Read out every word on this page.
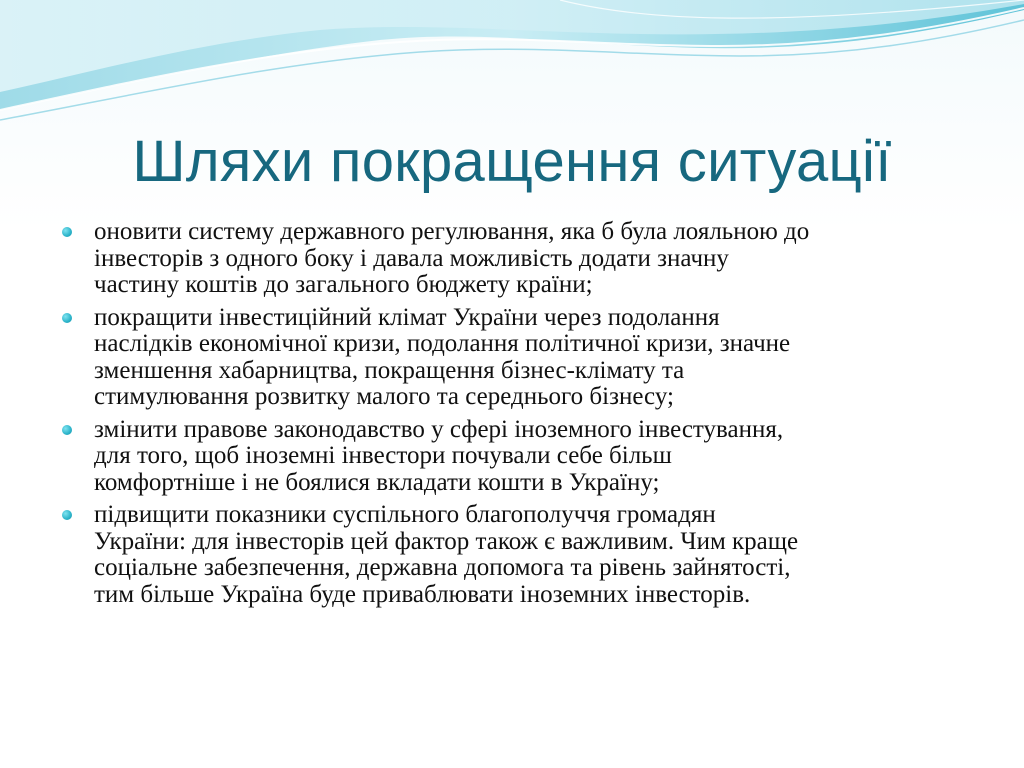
Шляхи покращення ситуації
оновити систему державного регулювання, яка б була лояльною до
інвесторів з одного боку і давала можливість додати значну
частину коштів до загального бюджету країни;
покращити інвестиційний клімат України через подолання
наслідків економічної кризи, подолання політичної кризи, значне
зменшення хабарництва, покращення бізнес-клімату та
стимулювання розвитку малого та середнього бізнесу;
змінити правове законодавство у сфері іноземного інвестування,
для того, щоб іноземні інвестори почували себе більш
комфортніше і не боялися вкладати кошти в Україну;
підвищити показники суспільного благополуччя громадян
України: для інвесторів цей фактор також є важливим. Чим краще
соціальне забезпечення, державна допомога та рівень зайнятості,
тим більше Україна буде приваблювати іноземних інвесторів.
